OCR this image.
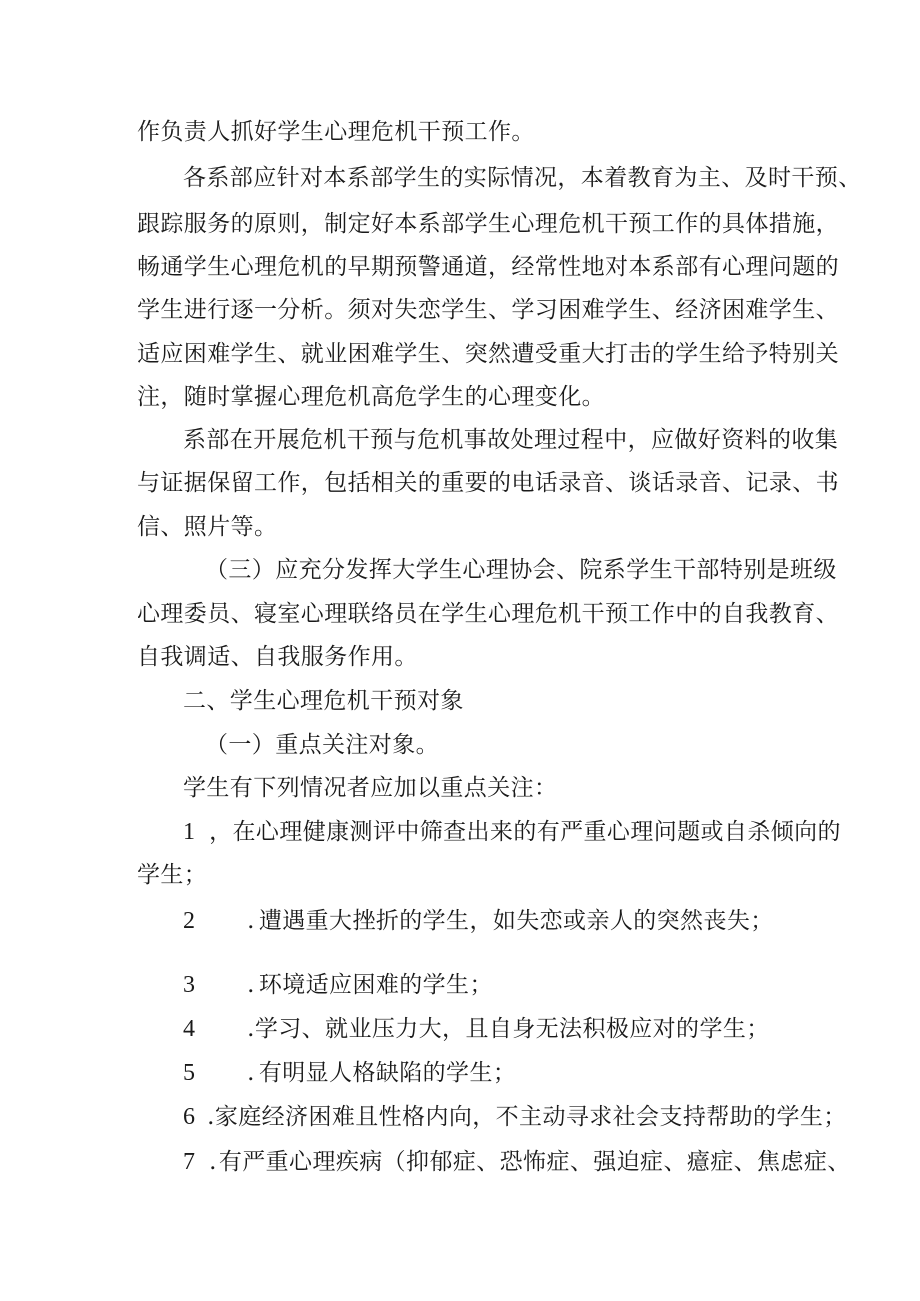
作负责人抓好学生心理危机干预工作。
各系部应针对本系部学生的实际情况，本着教育为主、及时干预、
跟踪服务的原则，制定好本系部学生心理危机干预工作的具体措施，
畅通学生心理危机的早期预警通道，经常性地对本系部有心理问题的
学生进行逐一分析。须对失恋学生、学习困难学生、经济困难学生、
适应困难学生、就业困难学生、突然遭受重大打击的学生给予特别关
注，随时掌握心理危机高危学生的心理变化。
系部在开展危机干预与危机事故处理过程中，应做好资料的收集
与证据保留工作，包括相关的重要的电话录音、谈话录音、记录、书
信、照片等。
（三）应充分发挥大学生心理协会、院系学生干部特别是班级
心理委员、寝室心理联络员在学生心理危机干预工作中的自我教育、
自我调适、自我服务作用。
二、学生心理危机干预对象
（一）重点关注对象。
学生有下列情况者应加以重点关注：
1 ，在心理健康测评中筛查出来的有严重心理问题或自杀倾向的
学生；
2 . 遭遇重大挫折的学生，如失恋或亲人的突然丧失；
3 . 环境适应困难的学生；
4 .学习、就业压力大，且自身无法积极应对的学生；
5 . 有明显人格缺陷的学生；
6 .家庭经济困难且性格内向，不主动寻求社会支持帮助的学生；
7 .有严重心理疾病（抑郁症、恐怖症、强迫症、癔症、焦虑症、
